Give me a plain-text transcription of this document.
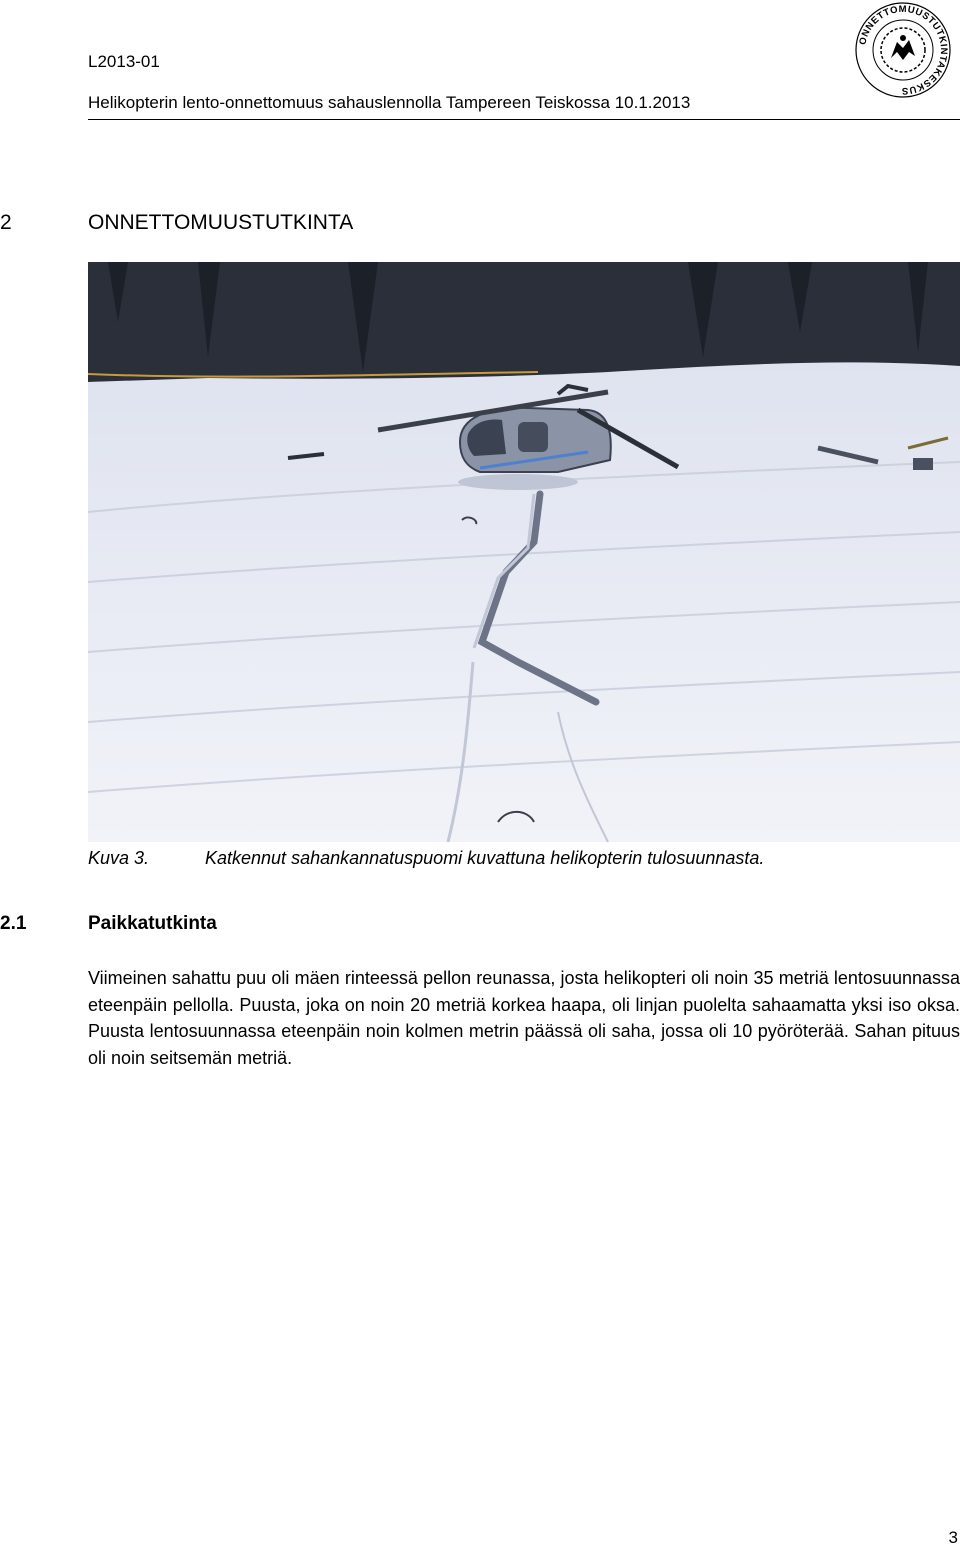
L2013-01
Helikopterin lento-onnettomuus sahauslennolla Tampereen Teiskossa 10.1.2013
ONNETTOMUUSTUTKINTAKESKUS
2	ONNETTOMUUSTUTKINTA
Kuva 3.	Katkennut sahankannatuspuomi kuvattuna helikopterin tulosuunnasta.
2.1	Paikkatutkinta
Viimeinen sahattu puu oli mäen rinteessä pellon reunassa, josta helikopteri oli noin 35 metriä lentosuunnassa eteenpäin pellolla. Puusta, joka on noin 20 metriä korkea haapa, oli linjan puolelta sahaamatta yksi iso oksa. Puusta lentosuunnassa eteenpäin noin kolmen metrin päässä oli saha, jossa oli 10 pyöröterää. Sahan pituus oli noin seitsemän metriä.
3
